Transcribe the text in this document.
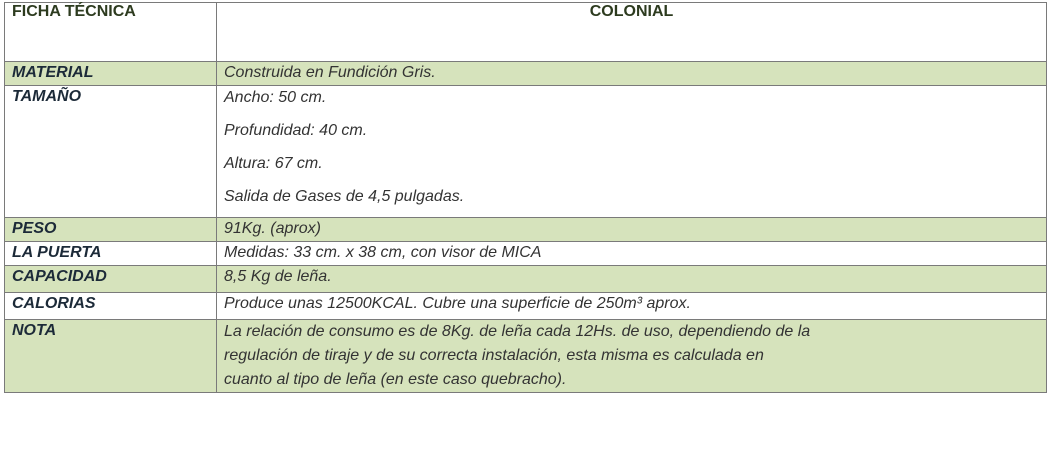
FICHA TÉCNICA	COLONIAL
MATERIAL	Construida en Fundición Gris.

TAMAÑO	Ancho: 50 cm.
Profundidad: 40 cm.
Altura: 67 cm.
Salida de Gases de 4,5 pulgadas.

PESO	91Kg. (aprox)

LA PUERTA	Medidas: 33 cm. x 38 cm, con visor de MICA

CAPACIDAD	8,5 Kg de leña.

CALORIAS	Produce unas 12500KCAL. Cubre una superficie de 250m³ aprox.

NOTA	La relación de consumo es de 8Kg. de leña cada 12Hs. de uso, dependiendo de la
regulación de tiraje y de su correcta instalación, esta misma es calculada en
cuanto al tipo de leña (en este caso quebracho).
